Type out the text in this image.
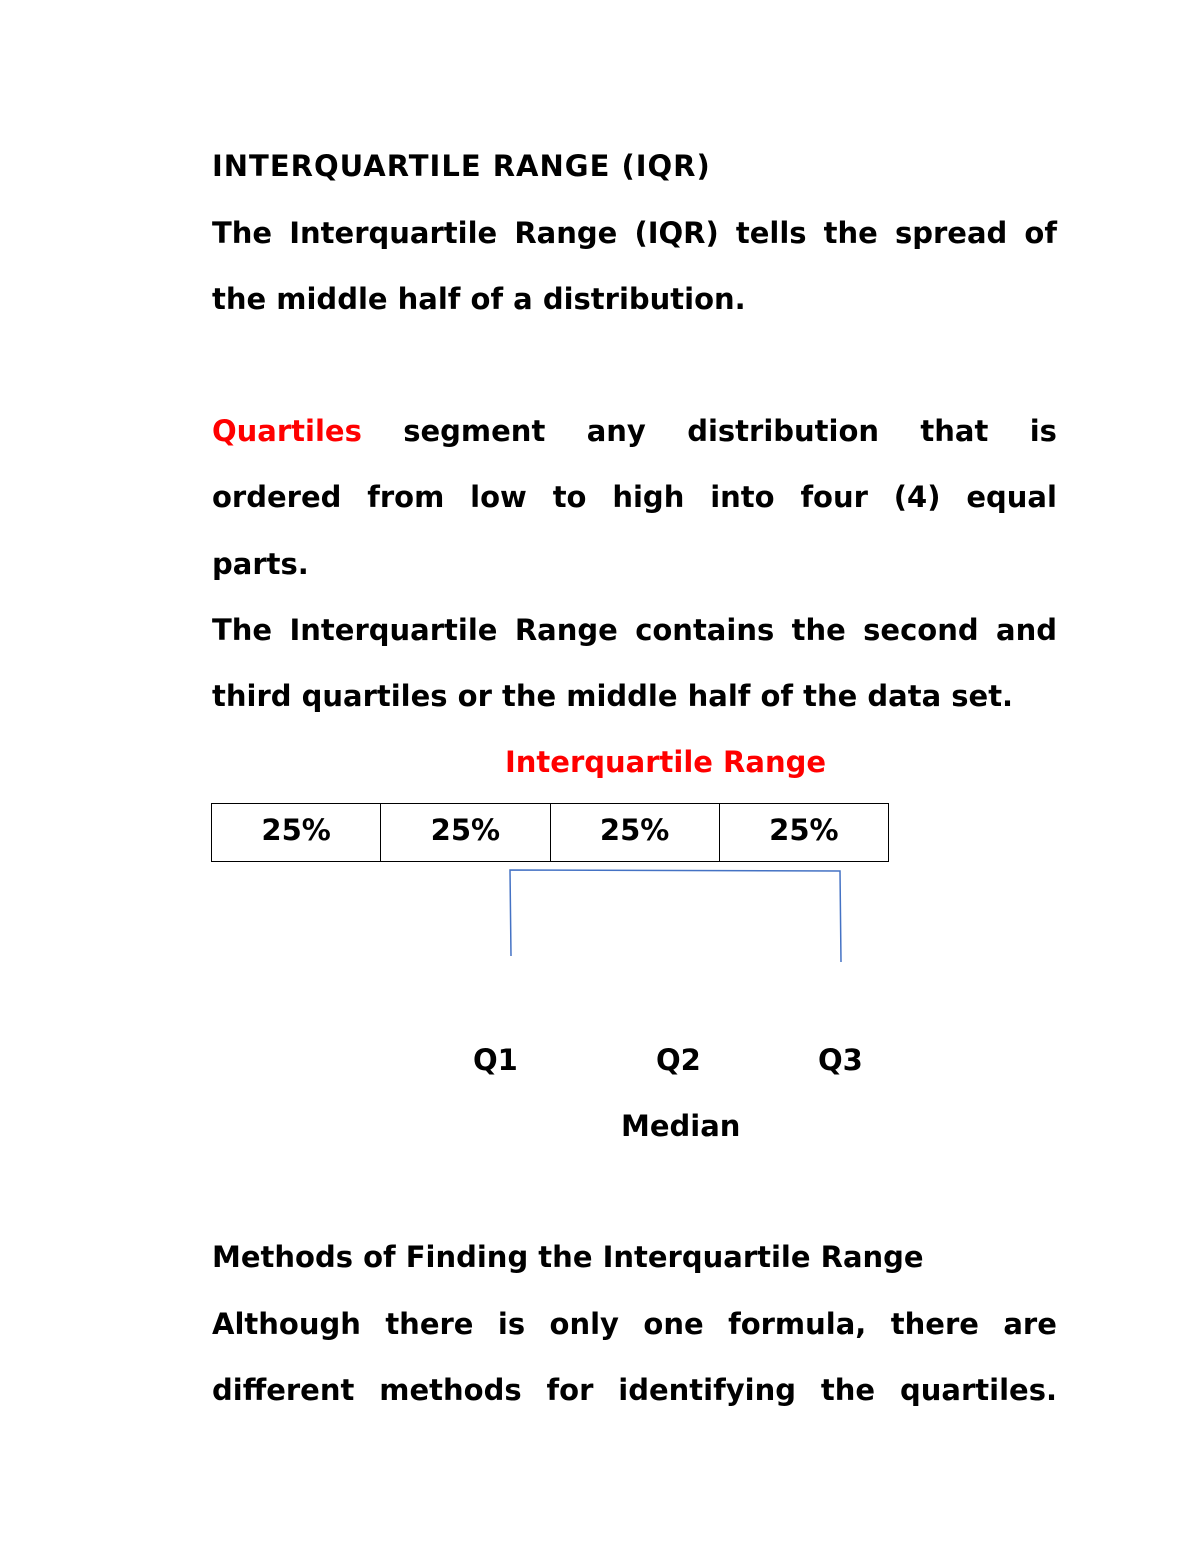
INTERQUARTILE RANGE (IQR)
The Interquartile Range (IQR) tells the spread of
the middle half of a distribution.
Quartiles segment any distribution that is
ordered from low to high into four (4) equal
parts.
The Interquartile Range contains the second and
third quartiles or the middle half of the data set.
Interquartile Range
25%	25%	25%	25%
Q1	Q2	Q3
Median
Methods of Finding the Interquartile Range
Although there is only one formula, there are
different methods for identifying the quartiles.
